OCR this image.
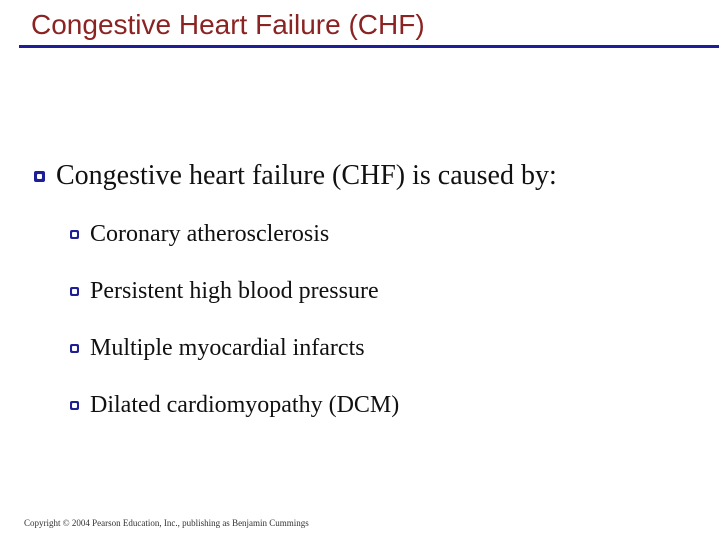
Congestive Heart Failure (CHF)
Congestive heart failure (CHF) is caused by:
Coronary atherosclerosis
Persistent high blood pressure
Multiple myocardial infarcts
Dilated cardiomyopathy (DCM)
Copyright © 2004 Pearson Education, Inc., publishing as Benjamin Cummings
